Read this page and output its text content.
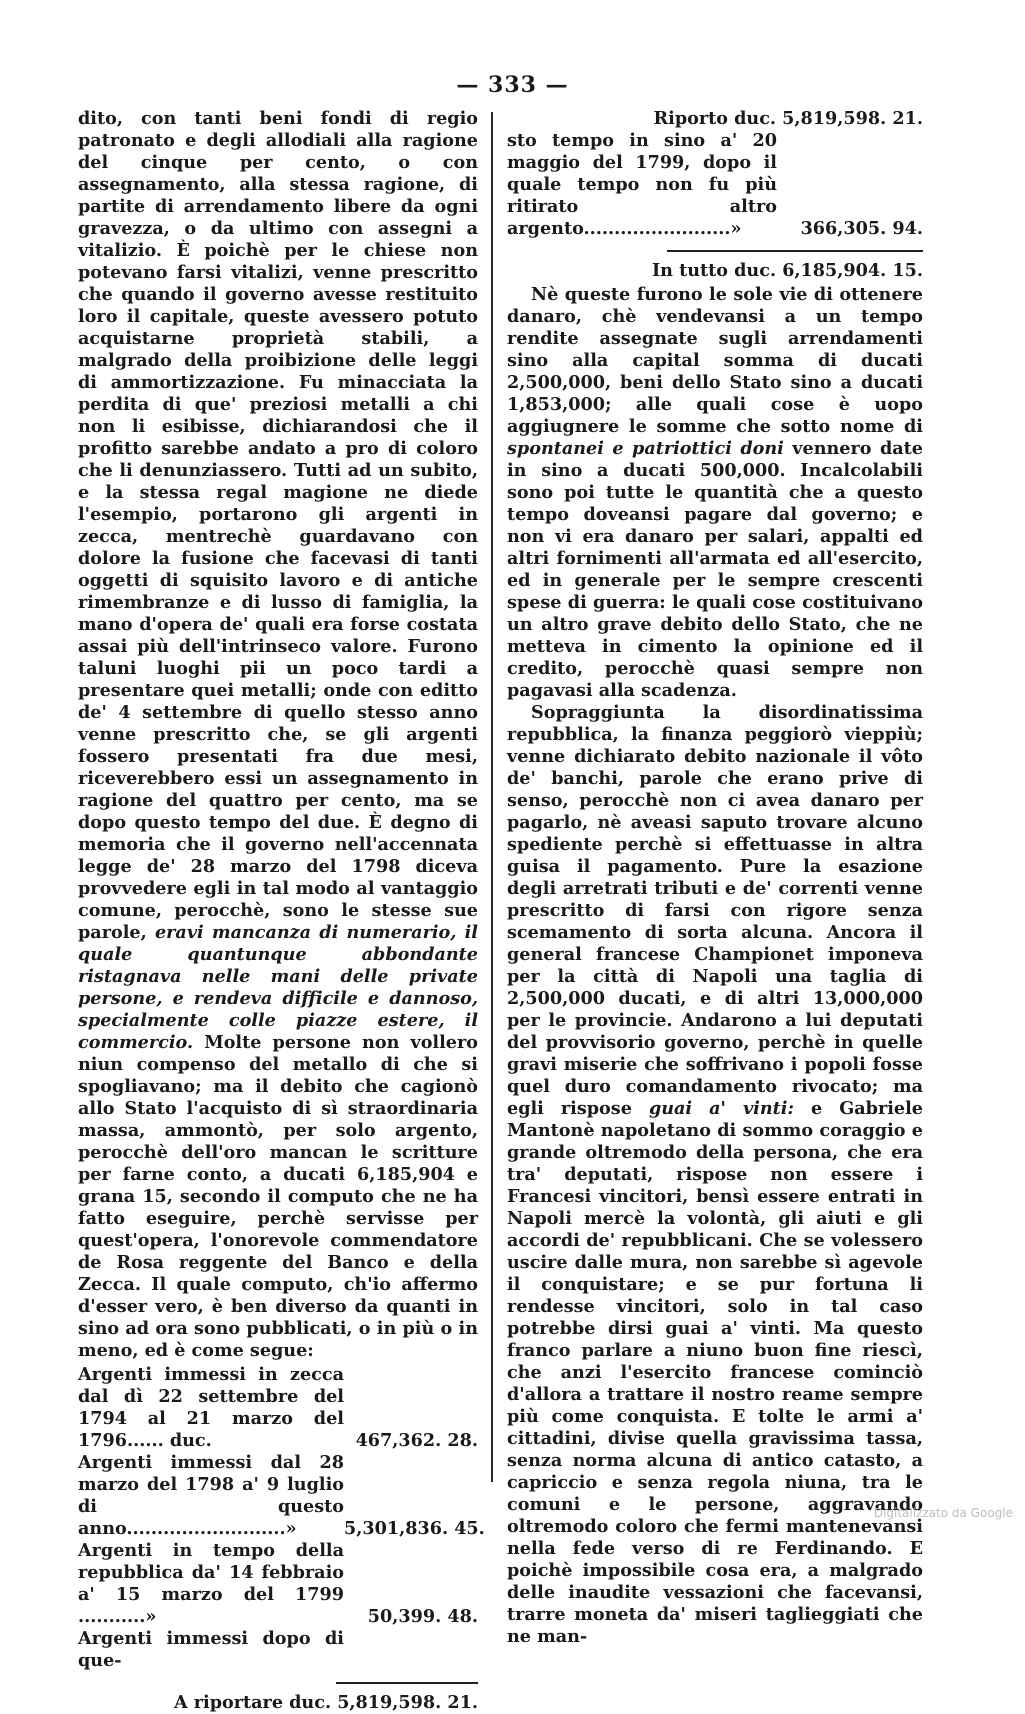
— 333 —

dito, con tanti beni fondi di regio patronato e degli allodiali alla ragione del cinque per cento, o con assegnamento, alla stessa ragione, di partite di arrendamento libere da ogni gravezza, o da ultimo con assegni a vitalizio. È poichè per le chiese non potevano farsi vitalizi, venne prescritto che quando il governo avesse restituito loro il capitale, queste avessero potuto acquistarne proprietà stabili, a malgrado della proibizione delle leggi di ammortizzazione. Fu minacciata la perdita di que' preziosi metalli a chi non li esibisse, dichiarandosi che il profitto sarebbe andato a pro di coloro che li denunziassero. Tutti ad un subito, e la stessa regal magione ne diede l'esempio, portarono gli argenti in zecca, mentrechè guardavano con dolore la fusione che facevasi di tanti oggetti di squisito lavoro e di antiche rimembranze e di lusso di famiglia, la mano d'opera de' quali era forse costata assai più dell'intrinseco valore. Furono taluni luoghi pii un poco tardi a presentare quei metalli; onde con editto de' 4 settembre di quello stesso anno venne prescritto che, se gli argenti fossero presentati fra due mesi, riceverebbero essi un assegnamento in ragione del quattro per cento, ma se dopo questo tempo del due. È degno di memoria che il governo nell'accennata legge de' 28 marzo del 1798 diceva provvedere egli in tal modo al vantaggio comune, perocchè, sono le stesse sue parole, eravi mancanza di numerario, il quale quantunque abbondante ristagnava nelle mani delle private persone, e rendeva difficile e dannoso, specialmente colle piazze estere, il commercio. Molte persone non vollero niun compenso del metallo di che si spogliavano; ma il debito che cagionò allo Stato l'acquisto di sì straordinaria massa, ammontò, per solo argento, perocchè dell'oro mancan le scritture per farne conto, a ducati 6,185,904 e grana 15, secondo il computo che ne ha fatto eseguire, perchè servisse per quest'opera, l'onorevole commendatore de Rosa reggente del Banco e della Zecca. Il quale computo, ch'io affermo d'esser vero, è ben diverso da quanti in sino ad ora sono pubblicati, o in più o in meno, ed è come segue:

Argenti immessi in zecca dal dì 22 settembre del 1794 al 21 marzo del 1796...... duc.	467,362. 28.
Argenti immessi dal 28 marzo del 1798 a' 9 luglio di questo anno..........................»	5,301,836. 45.
Argenti in tempo della repubblica da' 14 febbraio a' 15 marzo del 1799 ...........»	50,399. 48.
Argenti immessi dopo di que-
A riportare duc. 5,819,598. 21.
Riporto duc. 5,819,598. 21.
sto tempo in sino a' 20 maggio del 1799, dopo il quale tempo non fu più ritirato altro argento........................»	366,305. 94.
In tutto duc. 6,185,904. 15.

Nè queste furono le sole vie di ottenere danaro, chè vendevansi a un tempo rendite assegnate sugli arrendamenti sino alla capital somma di ducati 2,500,000, beni dello Stato sino a ducati 1,853,000; alle quali cose è uopo aggiugnere le somme che sotto nome di spontanei e patriottici doni vennero date in sino a ducati 500,000. Incalcolabili sono poi tutte le quantità che a questo tempo doveansi pagare dal governo; e non vi era danaro per salari, appalti ed altri fornimenti all'armata ed all'esercito, ed in generale per le sempre crescenti spese di guerra: le quali cose costituivano un altro grave debito dello Stato, che ne metteva in cimento la opinione ed il credito, perocchè quasi sempre non pagavasi alla scadenza.

Sopraggiunta la disordinatissima repubblica, la finanza peggiorò vieppiù; venne dichiarato debito nazionale il vôto de' banchi, parole che erano prive di senso, perocchè non ci avea danaro per pagarlo, nè aveasi saputo trovare alcuno spediente perchè si effettuasse in altra guisa il pagamento. Pure la esazione degli arretrati tributi e de' correnti venne prescritto di farsi con rigore senza scemamento di sorta alcuna. Ancora il general francese Championet imponeva per la città di Napoli una taglia di 2,500,000 ducati, e di altri 13,000,000 per le provincie. Andarono a lui deputati del provvisorio governo, perchè in quelle gravi miserie che soffrivano i popoli fosse quel duro comandamento rivocato; ma egli rispose guai a' vinti: e Gabriele Mantonè napoletano di sommo coraggio e grande oltremodo della persona, che era tra' deputati, rispose non essere i Francesi vincitori, bensì essere entrati in Napoli mercè la volontà, gli aiuti e gli accordi de' repubblicani. Che se volessero uscire dalle mura, non sarebbe sì agevole il conquistare; e se pur fortuna li rendesse vincitori, solo in tal caso potrebbe dirsi guai a' vinti. Ma questo franco parlare a niuno buon fine riescì, che anzi l'esercito francese cominciò d'allora a trattare il nostro reame sempre più come conquista. E tolte le armi a' cittadini, divise quella gravissima tassa, senza norma alcuna di antico catasto, a capriccio e senza regola niuna, tra le comuni e le persone, aggravando oltremodo coloro che fermi mantenevansi nella fede verso di re Ferdinando. E poichè impossibile cosa era, a malgrado delle inaudite vessazioni che facevansi, trarre moneta da' miseri taglieggiati che ne man-

Digitalizzato da Google
